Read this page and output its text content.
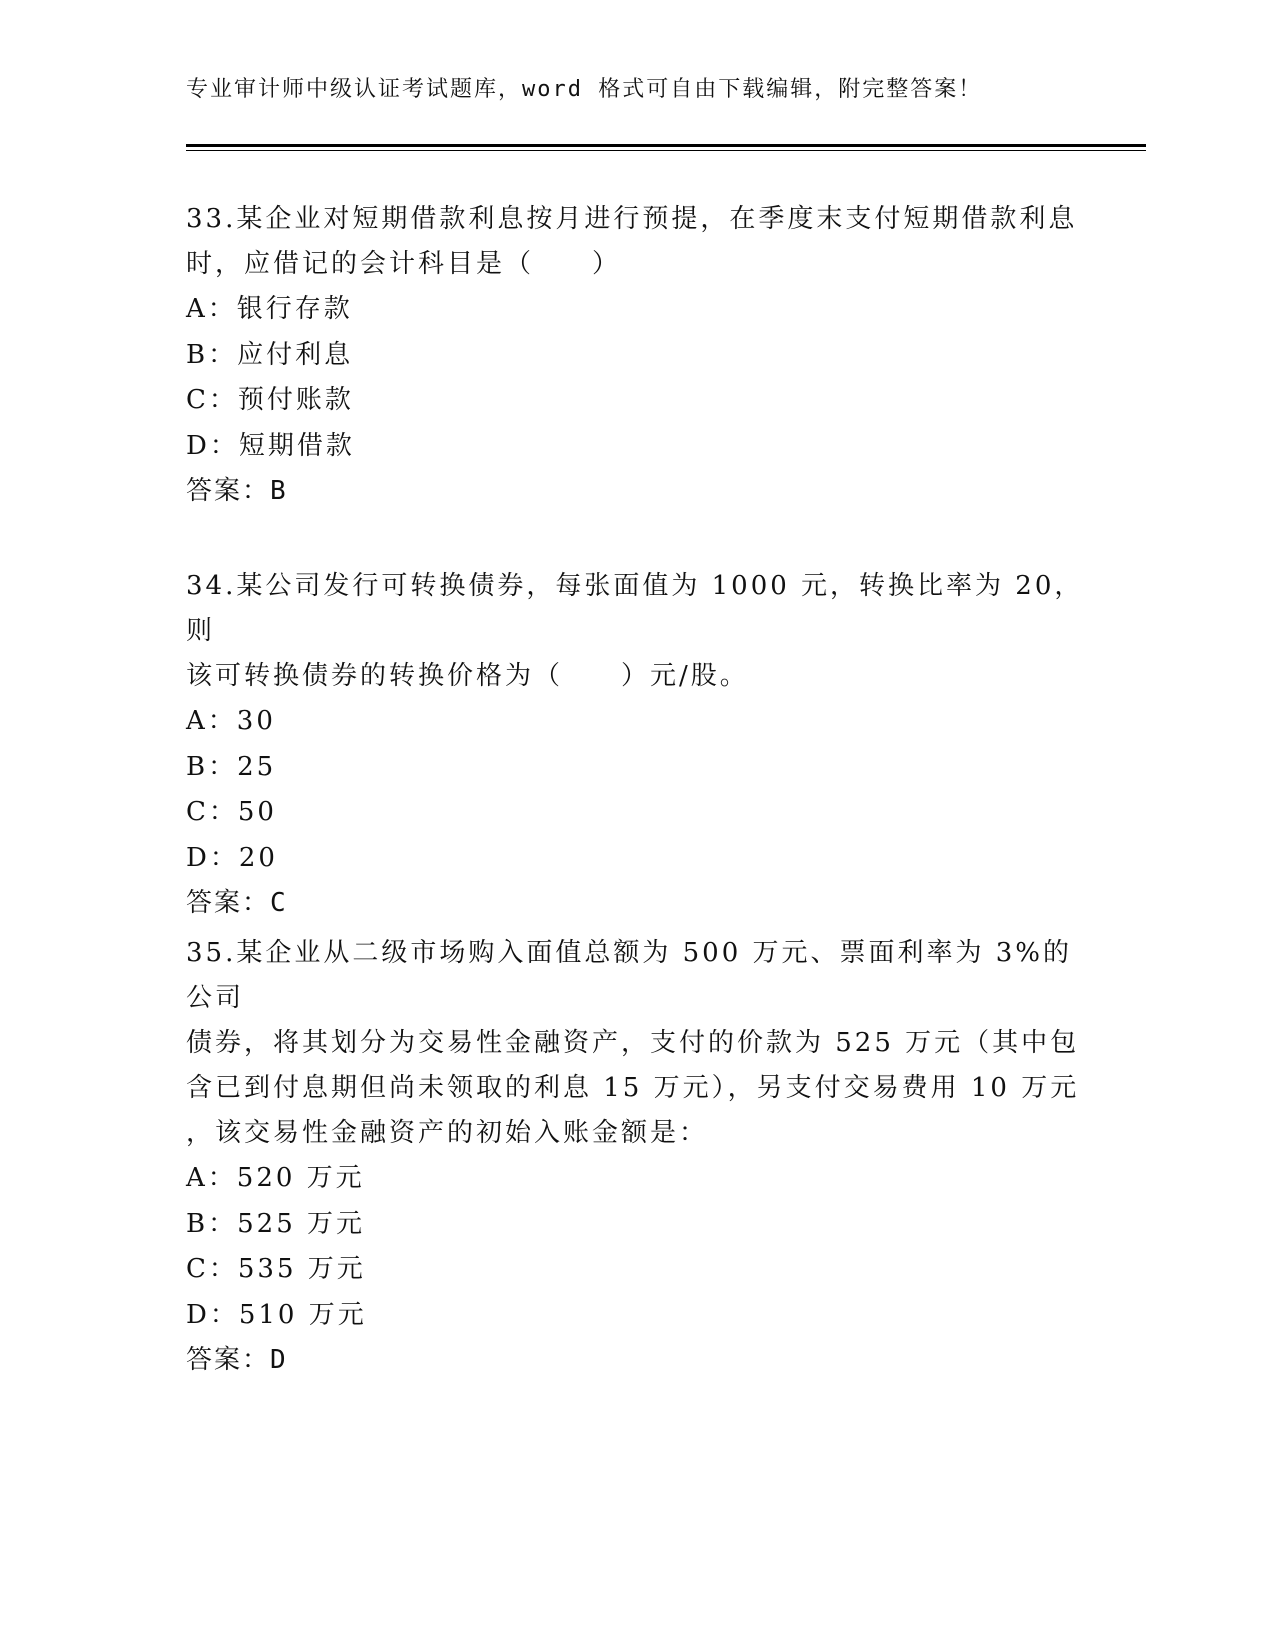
专业审计师中级认证考试题库，word 格式可自由下载编辑，附完整答案！

33.某企业对短期借款利息按月进行预提，在季度末支付短期借款利息

时，应借记的会计科目是（　　）

A：银行存款

B：应付利息

C：预付账款

D：短期借款

答案：B

34.某公司发行可转换债券，每张面值为 1000 元，转换比率为 20，则

该可转换债券的转换价格为（　　）元/股。

A：30

B：25

C：50

D：20

答案：C

35.某企业从二级市场购入面值总额为 500 万元、票面利率为 3%的公司

债券，将其划分为交易性金融资产，支付的价款为 525 万元（其中包

含已到付息期但尚未领取的利息 15 万元），另支付交易费用 10 万元

，该交易性金融资产的初始入账金额是：

A：520 万元

B：525 万元

C：535 万元

D：510 万元

答案：D
